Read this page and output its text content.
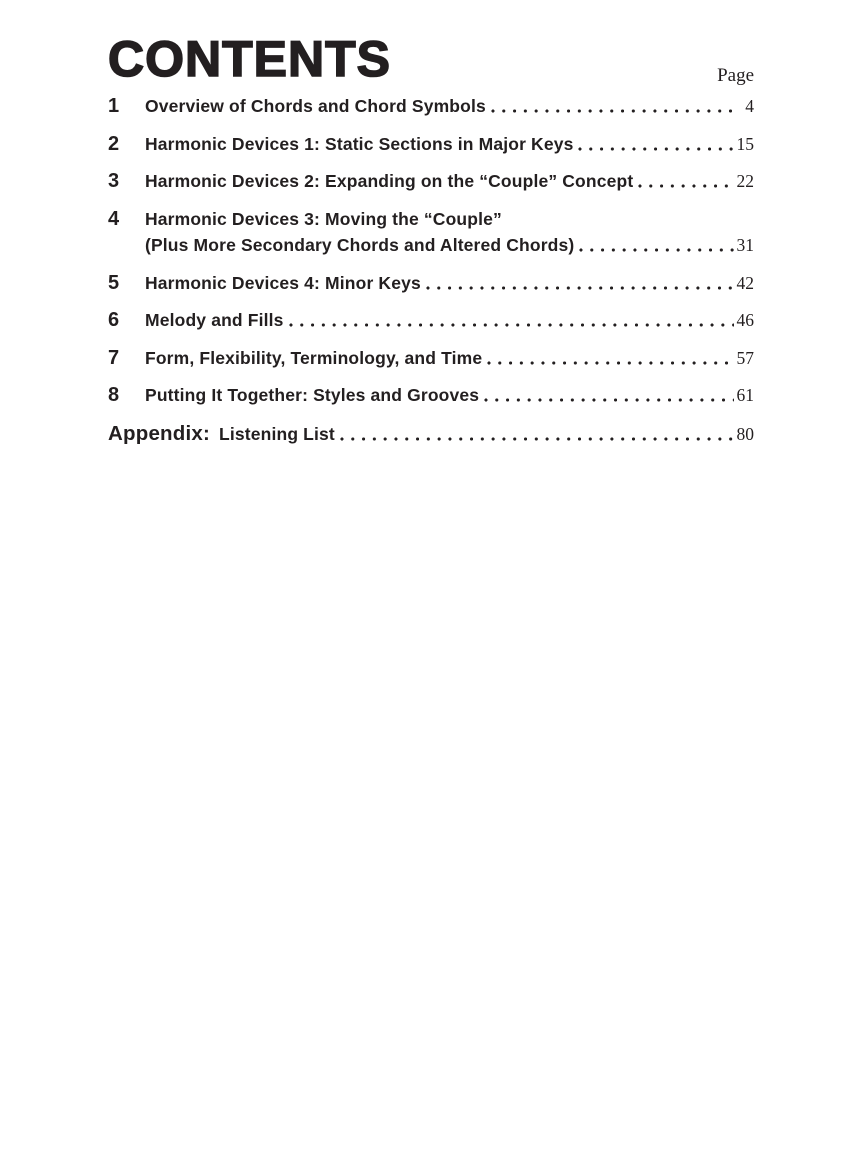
CONTENTS	Page
1	Overview of Chords and Chord Symbols	4
2	Harmonic Devices 1: Static Sections in Major Keys	15
3	Harmonic Devices 2: Expanding on the “Couple” Concept	22
4	Harmonic Devices 3: Moving the “Couple”
(Plus More Secondary Chords and Altered Chords)	31
5	Harmonic Devices 4: Minor Keys	42
6	Melody and Fills	46
7	Form, Flexibility, Terminology, and Time	57
8	Putting It Together: Styles and Grooves	61
Appendix: Listening List	80
